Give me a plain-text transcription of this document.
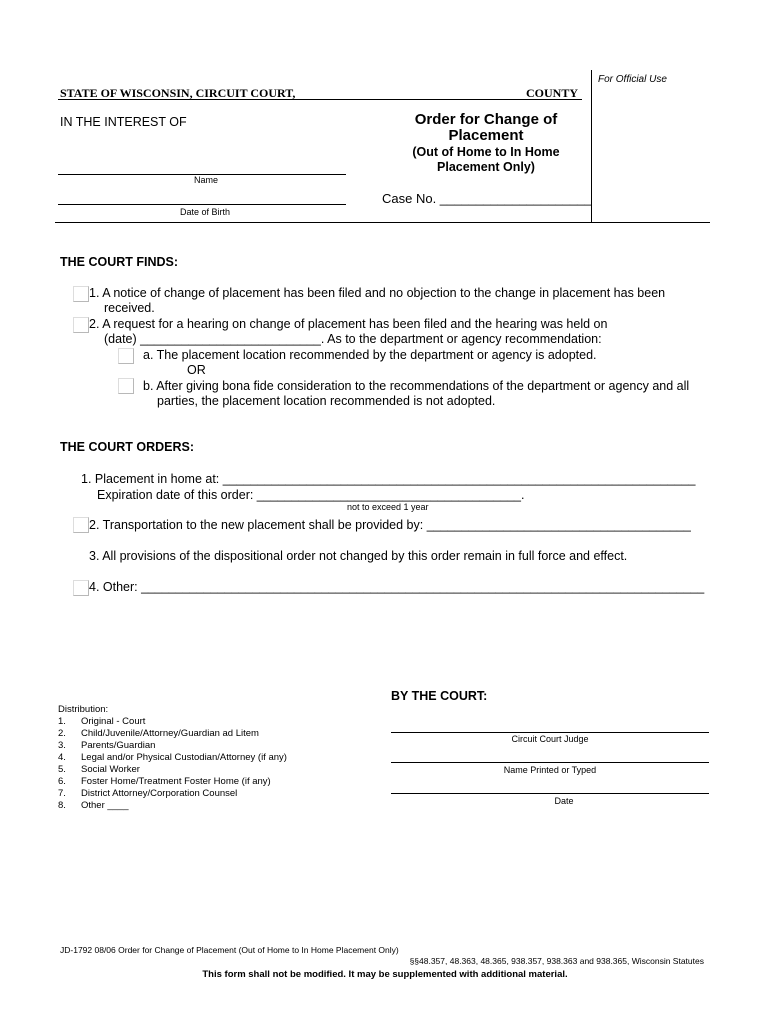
For Official Use
STATE OF WISCONSIN, CIRCUIT COURT,	COUNTY
IN THE INTEREST OF
Name
Date of Birth
Order for Change of
Placement
(Out of Home to In Home
Placement Only)
Case No. _____________________
THE COURT FINDS:
1. A notice of change of placement has been filed and no objection to the change in placement has been
received.
2. A request for a hearing on change of placement has been filed and the hearing was held on
(date) __________________________. As to the department or agency recommendation:
a. The placement location recommended by the department or agency is adopted.
OR
b. After giving bona fide consideration to the recommendations of the department or agency and all
parties, the placement location recommended is not adopted.
THE COURT ORDERS:
1. Placement in home at: ____________________________________________________________________
Expiration date of this order: ______________________________________.
not to exceed 1 year
2. Transportation to the new placement shall be provided by: ______________________________________
3. All provisions of the dispositional order not changed by this order remain in full force and effect.
4. Other: _________________________________________________________________________________
BY THE COURT:
Circuit Court Judge
Name Printed or Typed
Date
Distribution:
1. Original - Court
2. Child/Juvenile/Attorney/Guardian ad Litem
3. Parents/Guardian
4. Legal and/or Physical Custodian/Attorney (if any)
5. Social Worker
6. Foster Home/Treatment Foster Home (if any)
7. District Attorney/Corporation Counsel
8. Other ____
JD-1792 08/06 Order for Change of Placement (Out of Home to In Home Placement Only)
§§48.357, 48.363, 48.365, 938.357, 938.363 and 938.365, Wisconsin Statutes
This form shall not be modified. It may be supplemented with additional material.
